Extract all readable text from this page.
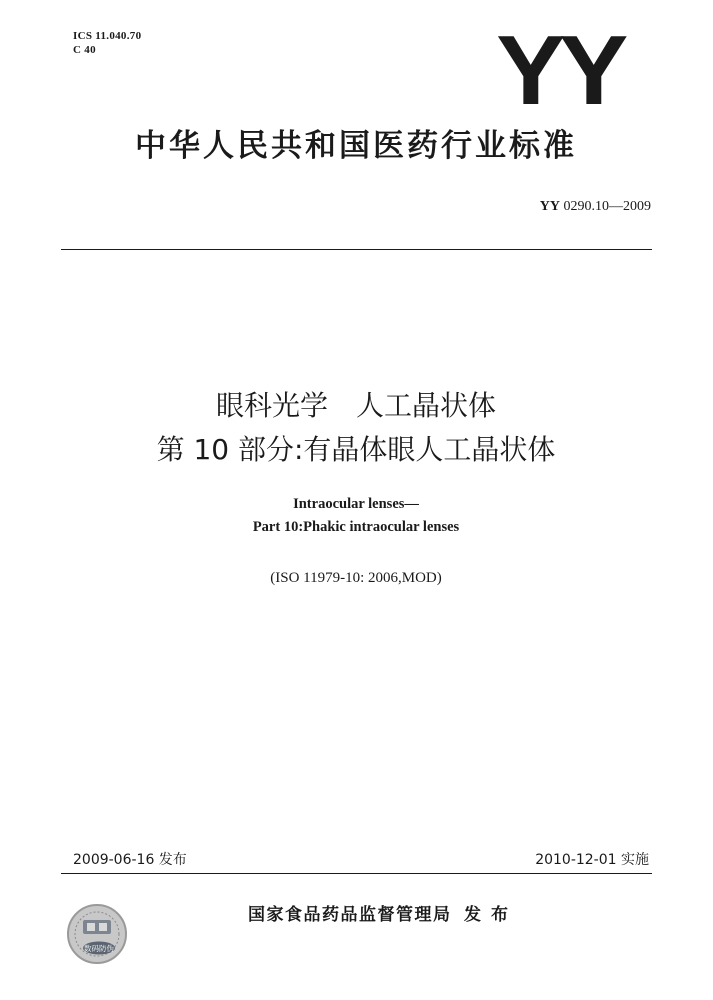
ICS 11.040.70
C 40	YY
中华人民共和国医药行业标准
YY 0290.10—2009
眼科光学　人工晶状体
第 10 部分:有晶体眼人工晶状体
Intraocular lenses—
Part 10:Phakic intraocular lenses
(ISO 11979-10: 2006,MOD)
2009-06-16 发布	2010-12-01 实施
数码防伪
国家食品药品监督管理局 发布
